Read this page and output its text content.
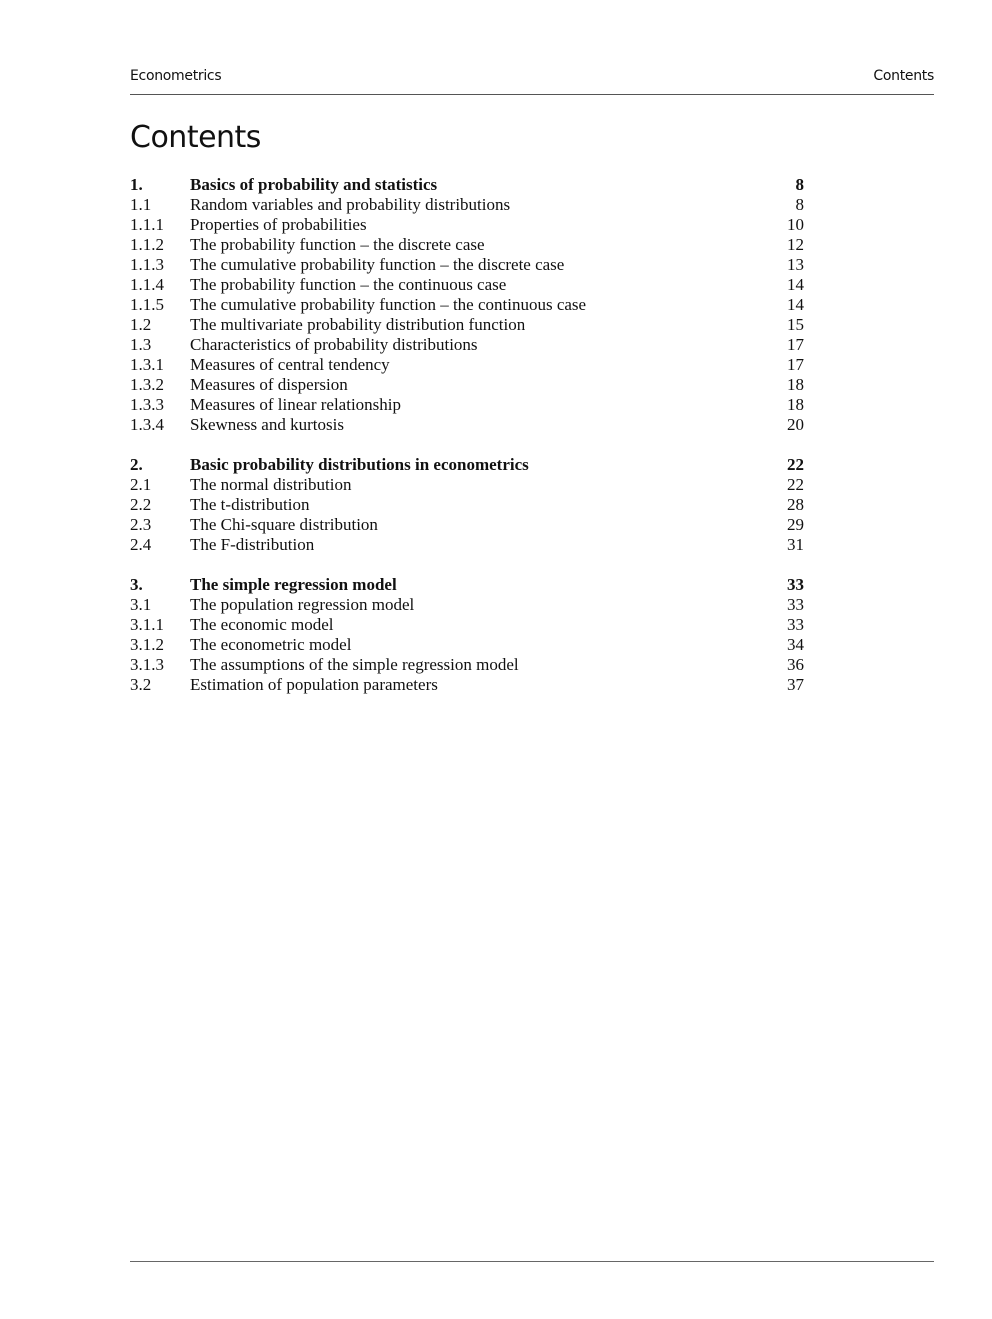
Econometrics	Contents
Contents
1.	Basics of probability and statistics	8
1.1 Random variables and probability distributions	8
1.1.1 Properties of probabilities	10
1.1.2 The probability function – the discrete case	12
1.1.3 The cumulative probability function – the discrete case	13
1.1.4 The probability function – the continuous case	14
1.1.5 The cumulative probability function – the continuous case	14
1.2 The multivariate probability distribution function	15
1.3 Characteristics of probability distributions	17
1.3.1 Measures of central tendency	17
1.3.2 Measures of dispersion	18
1.3.3 Measures of linear relationship	18
1.3.4 Skewness and kurtosis	20
2.	Basic probability distributions in econometrics	22
2.1 The normal distribution	22
2.2 The t-distribution	28
2.3 The Chi-square distribution	29
2.4 The F-distribution	31
3.	The simple regression model	33
3.1 The population regression model	33
3.1.1 The economic model	33
3.1.2 The econometric model	34
3.1.3 The assumptions of the simple regression model	36
3.2 Estimation of population parameters	37
